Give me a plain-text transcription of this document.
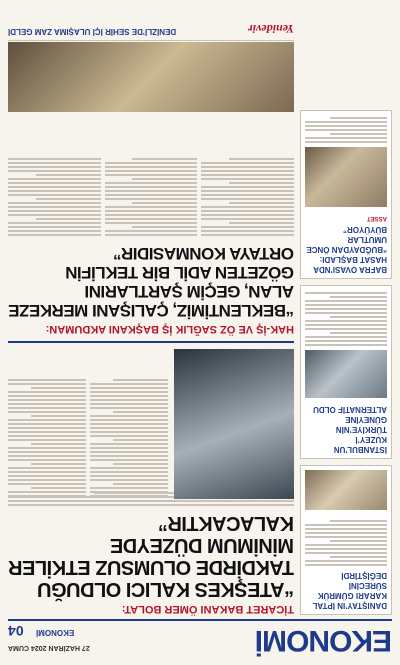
EKONOMİ
27 HAZİRAN 2024 CUMA
EKONOMİ
04
DANIŞTAY’IN İPTAL KARARI GÜMRÜK SÜRECİNİ DEĞİŞTİRDİ
İSTANBUL’UN KUZEY’İ TÜRKİYE’NİN GÜNEYİNE ALTERNATİF OLDU
BAFRA OVASI’NDA HASAT BAŞLADI: “BUĞDAYDAN ÖNCE UMUTLAR BÜYÜYOR”
ASSET
TİCARET BAKANI ÖMER BOLAT:
“ATEŞKES KALICI OLDUĞU TAKDİRDE OLUMSUZ ETKİLER MİNİMUM DÜZEYDE KALACAKTIR”
HAK-İŞ VE ÖZ SAĞLIK İŞ BAŞKANI AKDUMAN:
“BEKLENTİMİZ, ÇALIŞANI MERKEZE ALAN, GEÇİM ŞARTLARINI GÖZETEN ADİL BİR TEKLİFİN ORTAYA KONMASIDIR”
Yenidevir
DENİZLİ’DE SEHİR İÇİ ULAŞIMA ZAM GELDİ
